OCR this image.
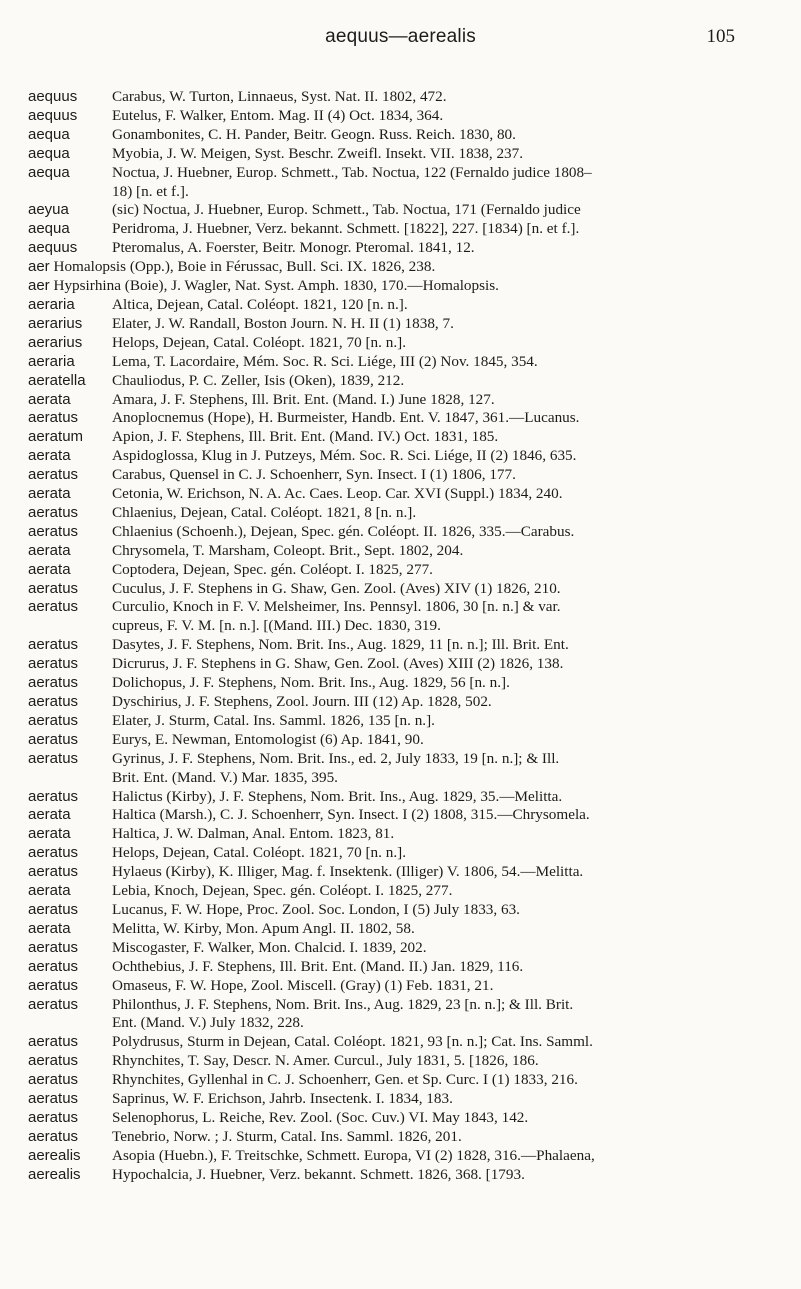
aequus—aerealis	105
aequus	Carabus, W. Turton, Linnaeus, Syst. Nat. II. 1802, 472.
aequus	Eutelus, F. Walker, Entom. Mag. II (4) Oct. 1834, 364.
aequa	Gonambonites, C. H. Pander, Beitr. Geogn. Russ. Reich. 1830, 80.
aequa	Myobia, J. W. Meigen, Syst. Beschr. Zweifl. Insekt. VII. 1838, 237.
aequa	Noctua, J. Huebner, Europ. Schmett., Tab. Noctua, 122 (Fernaldo judice 1808–
18) [n. et f.].
aeyua	(sic) Noctua, J. Huebner, Europ. Schmett., Tab. Noctua, 171 (Fernaldo judice
aequa	Peridroma, J. Huebner, Verz. bekannt. Schmett. [1822], 227. [1834) [n. et f.].
aequus	Pteromalus, A. Foerster, Beitr. Monogr. Pteromal. 1841, 12.
aer Homalopsis (Opp.), Boie in Férussac, Bull. Sci. IX. 1826, 238.
aer Hypsirhina (Boie), J. Wagler, Nat. Syst. Amph. 1830, 170.—Homalopsis.
aeraria	Altica, Dejean, Catal. Coléopt. 1821, 120 [n. n.].
aerarius	Elater, J. W. Randall, Boston Journ. N. H. II (1) 1838, 7.
aerarius	Helops, Dejean, Catal. Coléopt. 1821, 70 [n. n.].
aeraria	Lema, T. Lacordaire, Mém. Soc. R. Sci. Liége, III (2) Nov. 1845, 354.
aeratella	Chauliodus, P. C. Zeller, Isis (Oken), 1839, 212.
aerata	Amara, J. F. Stephens, Ill. Brit. Ent. (Mand. I.) June 1828, 127.
aeratus	Anoplocnemus (Hope), H. Burmeister, Handb. Ent. V. 1847, 361.—Lucanus.
aeratum	Apion, J. F. Stephens, Ill. Brit. Ent. (Mand. IV.) Oct. 1831, 185.
aerata	Aspidoglossa, Klug in J. Putzeys, Mém. Soc. R. Sci. Liége, II (2) 1846, 635.
aeratus	Carabus, Quensel in C. J. Schoenherr, Syn. Insect. I (1) 1806, 177.
aerata	Cetonia, W. Erichson, N. A. Ac. Caes. Leop. Car. XVI (Suppl.) 1834, 240.
aeratus	Chlaenius, Dejean, Catal. Coléopt. 1821, 8 [n. n.].
aeratus	Chlaenius (Schoenh.), Dejean, Spec. gén. Coléopt. II. 1826, 335.—Carabus.
aerata	Chrysomela, T. Marsham, Coleopt. Brit., Sept. 1802, 204.
aerata	Coptodera, Dejean, Spec. gén. Coléopt. I. 1825, 277.
aeratus	Cuculus, J. F. Stephens in G. Shaw, Gen. Zool. (Aves) XIV (1) 1826, 210.
aeratus	Curculio, Knoch in F. V. Melsheimer, Ins. Pennsyl. 1806, 30 [n. n.] & var.
cupreus, F. V. M. [n. n.]. [(Mand. III.) Dec. 1830, 319.
aeratus	Dasytes, J. F. Stephens, Nom. Brit. Ins., Aug. 1829, 11 [n. n.]; Ill. Brit. Ent.
aeratus	Dicrurus, J. F. Stephens in G. Shaw, Gen. Zool. (Aves) XIII (2) 1826, 138.
aeratus	Dolichopus, J. F. Stephens, Nom. Brit. Ins., Aug. 1829, 56 [n. n.].
aeratus	Dyschirius, J. F. Stephens, Zool. Journ. III (12) Ap. 1828, 502.
aeratus	Elater, J. Sturm, Catal. Ins. Samml. 1826, 135 [n. n.].
aeratus	Eurys, E. Newman, Entomologist (6) Ap. 1841, 90.
aeratus	Gyrinus, J. F. Stephens, Nom. Brit. Ins., ed. 2, July 1833, 19 [n. n.]; & Ill.
Brit. Ent. (Mand. V.) Mar. 1835, 395.
aeratus	Halictus (Kirby), J. F. Stephens, Nom. Brit. Ins., Aug. 1829, 35.—Melitta.
aerata	Haltica (Marsh.), C. J. Schoenherr, Syn. Insect. I (2) 1808, 315.—Chrysomela.
aerata	Haltica, J. W. Dalman, Anal. Entom. 1823, 81.
aeratus	Helops, Dejean, Catal. Coléopt. 1821, 70 [n. n.].
aeratus	Hylaeus (Kirby), K. Illiger, Mag. f. Insektenk. (Illiger) V. 1806, 54.—Melitta.
aerata	Lebia, Knoch, Dejean, Spec. gén. Coléopt. I. 1825, 277.
aeratus	Lucanus, F. W. Hope, Proc. Zool. Soc. London, I (5) July 1833, 63.
aerata	Melitta, W. Kirby, Mon. Apum Angl. II. 1802, 58.
aeratus	Miscogaster, F. Walker, Mon. Chalcid. I. 1839, 202.
aeratus	Ochthebius, J. F. Stephens, Ill. Brit. Ent. (Mand. II.) Jan. 1829, 116.
aeratus	Omaseus, F. W. Hope, Zool. Miscell. (Gray) (1) Feb. 1831, 21.
aeratus	Philonthus, J. F. Stephens, Nom. Brit. Ins., Aug. 1829, 23 [n. n.]; & Ill. Brit.
Ent. (Mand. V.) July 1832, 228.
aeratus	Polydrusus, Sturm in Dejean, Catal. Coléopt. 1821, 93 [n. n.]; Cat. Ins. Samml.
aeratus	Rhynchites, T. Say, Descr. N. Amer. Curcul., July 1831, 5. [1826, 186.
aeratus	Rhynchites, Gyllenhal in C. J. Schoenherr, Gen. et Sp. Curc. I (1) 1833, 216.
aeratus	Saprinus, W. F. Erichson, Jahrb. Insectenk. I. 1834, 183.
aeratus	Selenophorus, L. Reiche, Rev. Zool. (Soc. Cuv.) VI. May 1843, 142.
aeratus	Tenebrio, Norw. ; J. Sturm, Catal. Ins. Samml. 1826, 201.
aerealis	Asopia (Huebn.), F. Treitschke, Schmett. Europa, VI (2) 1828, 316.—Phalaena,
aerealis	Hypochalcia, J. Huebner, Verz. bekannt. Schmett. 1826, 368. [1793.
